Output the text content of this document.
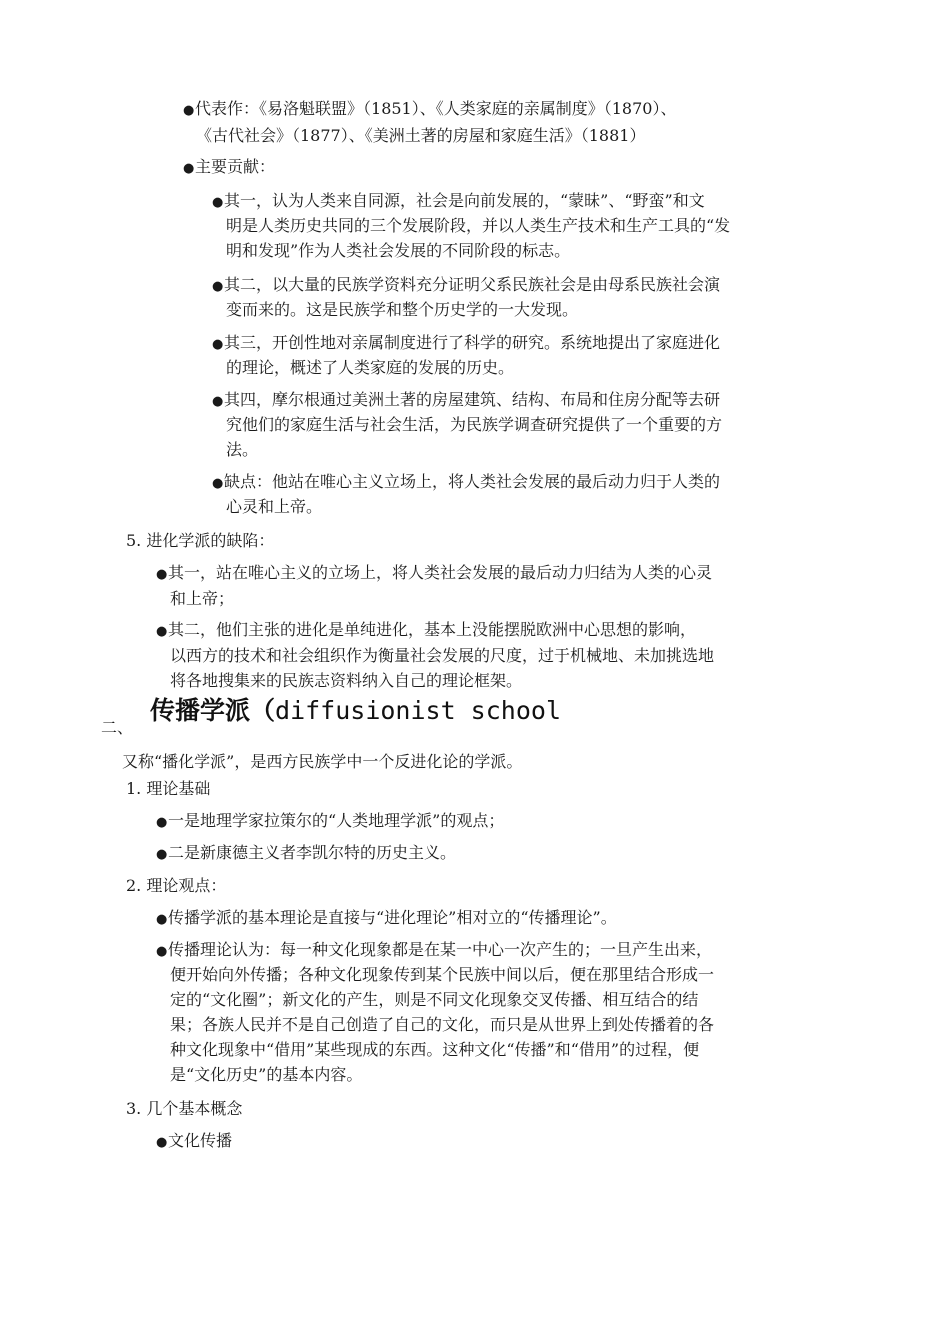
●代表作：《易洛魁联盟》（1851）、《人类家庭的亲属制度》（1870）、
《古代社会》（1877）、《美洲土著的房屋和家庭生活》（1881）
●主要贡献：
●其一，认为人类来自同源，社会是向前发展的，“蒙昧”、“野蛮”和文
明是人类历史共同的三个发展阶段，并以人类生产技术和生产工具的“发
明和发现”作为人类社会发展的不同阶段的标志。
●其二，以大量的民族学资料充分证明父系民族社会是由母系民族社会演
变而来的。这是民族学和整个历史学的一大发现。
●其三，开创性地对亲属制度进行了科学的研究。系统地提出了家庭进化
的理论，概述了人类家庭的发展的历史。
●其四，摩尔根通过美洲土著的房屋建筑、结构、布局和住房分配等去研
究他们的家庭生活与社会生活，为民族学调查研究提供了一个重要的方
法。
●缺点：他站在唯心主义立场上，将人类社会发展的最后动力归于人类的
心灵和上帝。
5. 进化学派的缺陷：
●其一，站在唯心主义的立场上，将人类社会发展的最后动力归结为人类的心灵
和上帝；
●其二，他们主张的进化是单纯进化，基本上没能摆脱欧洲中心思想的影响，
以西方的技术和社会组织作为衡量社会发展的尺度，过于机械地、未加挑选地
将各地搜集来的民族志资料纳入自己的理论框架。
二、
传播学派（diffusionist school
又称“播化学派”，是西方民族学中一个反进化论的学派。
1. 理论基础
●一是地理学家拉策尔的“人类地理学派”的观点；
●二是新康德主义者李凯尔特的历史主义。
2. 理论观点：
●传播学派的基本理论是直接与“进化理论”相对立的“传播理论”。
●传播理论认为：每一种文化现象都是在某一中心一次产生的；一旦产生出来，
便开始向外传播；各种文化现象传到某个民族中间以后，便在那里结合形成一
定的“文化圈”；新文化的产生，则是不同文化现象交叉传播、相互结合的结
果；各族人民并不是自己创造了自己的文化，而只是从世界上到处传播着的各
种文化现象中“借用”某些现成的东西。这种文化“传播”和“借用”的过程，便
是“文化历史”的基本内容。
3. 几个基本概念
●文化传播
